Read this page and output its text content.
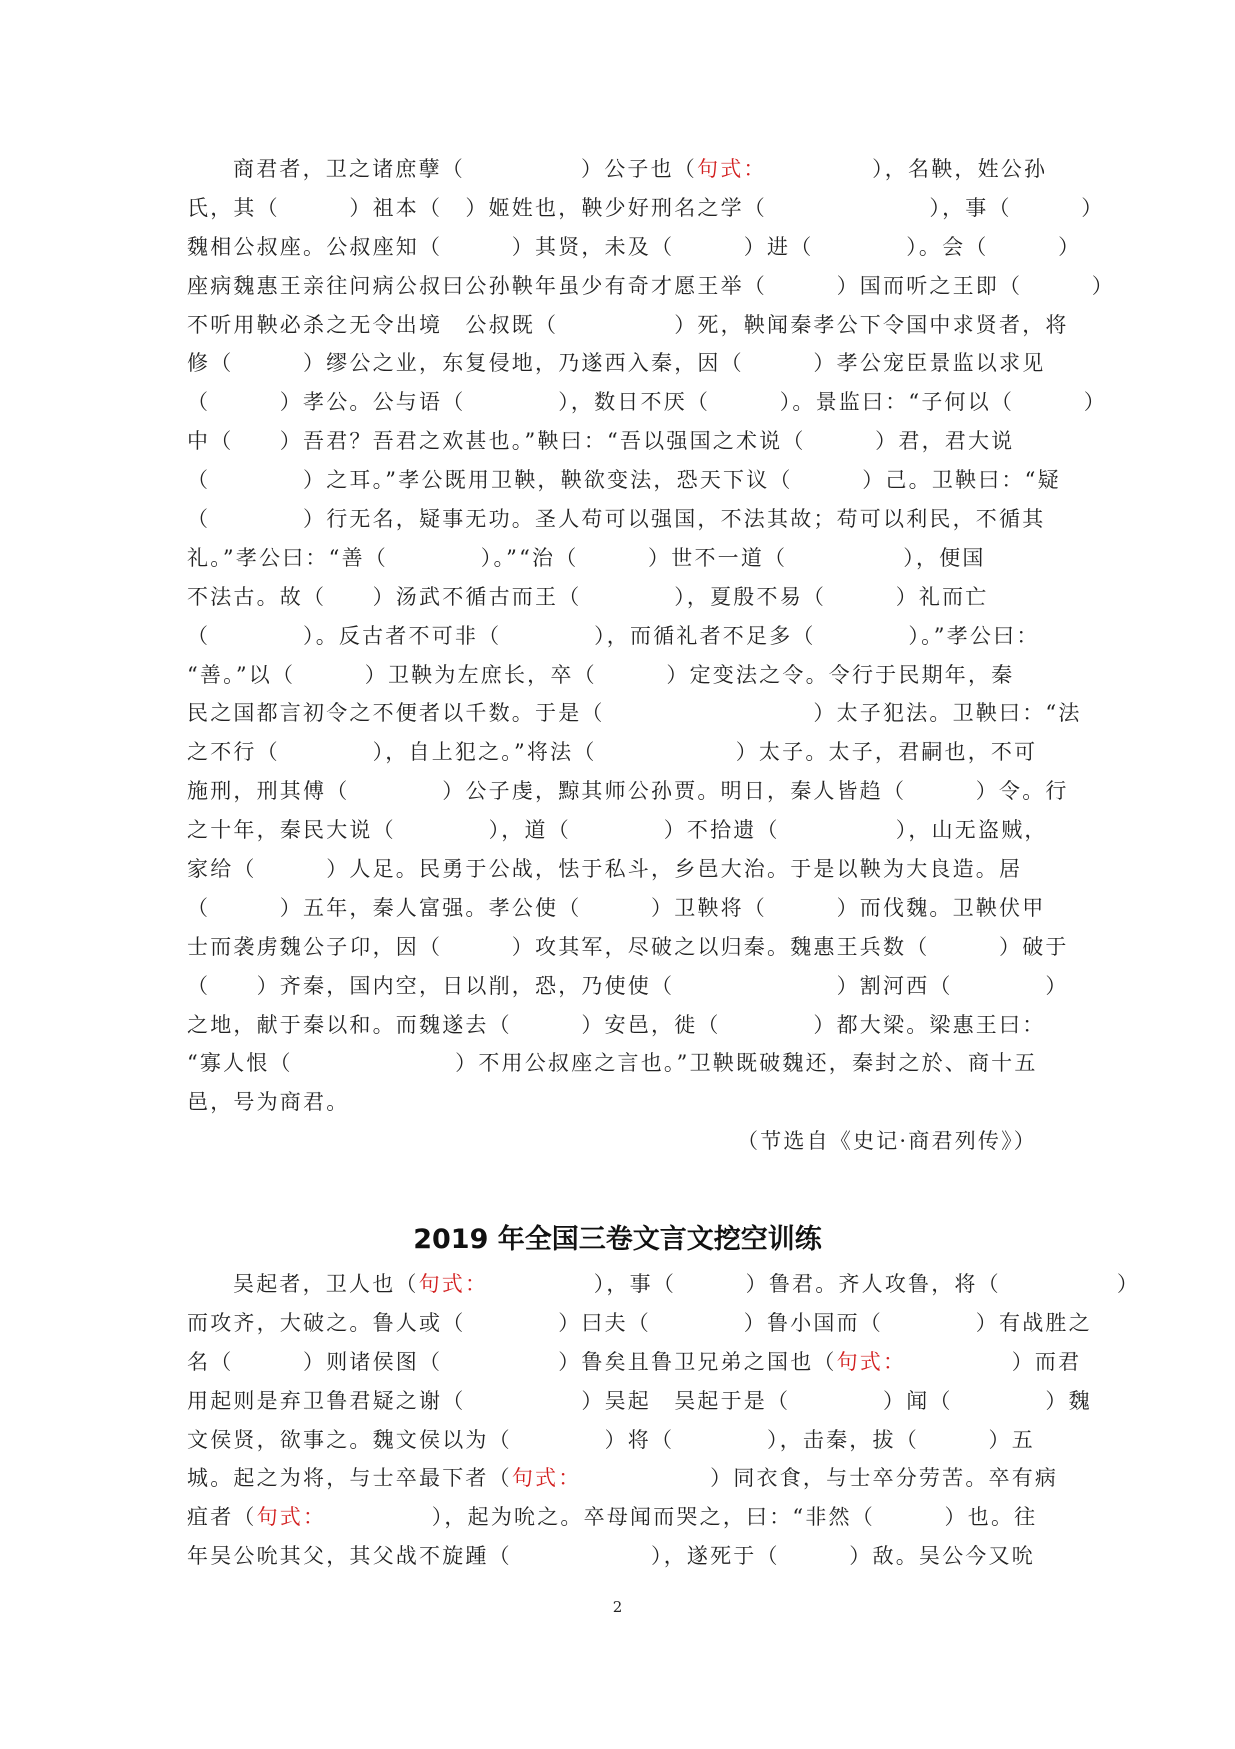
商君者，卫之诸庶孽（　　　　　）公子也（句式：　　　　　），名鞅，姓公孙
氏，其（　　　）祖本（　）姬姓也，鞅少好刑名之学（　　　　　　　），事（　　　）
魏相公叔座。公叔座知（　　　）其贤，未及（　　　）进（　　　　）。会（　　　）
座病魏惠王亲往问病公叔曰公孙鞅年虽少有奇才愿王举（　　　）国而听之王即（　　　）
不听用鞅必杀之无令出境　公叔既（　　　　　）死，鞅闻秦孝公下令国中求贤者，将
修（　　　）缪公之业，东复侵地，乃遂西入秦，因（　　　）孝公宠臣景监以求见
（　　　）孝公。公与语（　　　　），数日不厌（　　　）。景监曰：“子何以（　　　）
中（　　）吾君？吾君之欢甚也。”鞅曰：“吾以强国之术说（　　　）君，君大说
（　　　　）之耳。”孝公既用卫鞅，鞅欲变法，恐天下议（　　　）己。卫鞅曰：“疑
（　　　　）行无名，疑事无功。圣人苟可以强国，不法其故；苟可以利民，不循其
礼。”孝公曰：“善（　　　　）。”“治（　　　）世不一道（　　　　　），便国
不法古。故（　　）汤武不循古而王（　　　　），夏殷不易（　　　）礼而亡
（　　　　）。反古者不可非（　　　　），而循礼者不足多（　　　　）。”孝公曰：
“善。”以（　　　）卫鞅为左庶长，卒（　　　）定变法之令。令行于民期年，秦
民之国都言初令之不便者以千数。于是（　　　　　　　　　）太子犯法。卫鞅曰：“法
之不行（　　　　），自上犯之。”将法（　　　　　　）太子。太子，君嗣也，不可
施刑，刑其傅（　　　　）公子虔，黥其师公孙贾。明日，秦人皆趋（　　　）令。行
之十年，秦民大说（　　　　），道（　　　　）不拾遗（　　　　　），山无盗贼，
家给（　　　）人足。民勇于公战，怯于私斗，乡邑大治。于是以鞅为大良造。居
（　　　）五年，秦人富强。孝公使（　　　）卫鞅将（　　　）而伐魏。卫鞅伏甲
士而袭虏魏公子卬，因（　　　）攻其军，尽破之以归秦。魏惠王兵数（　　　）破于
（　　）齐秦，国内空，日以削，恐，乃使使（　　　　　　　）割河西（　　　　）
之地，献于秦以和。而魏遂去（　　　）安邑，徙（　　　　）都大梁。梁惠王曰：
“寡人恨（　　　　　　　）不用公叔座之言也。”卫鞅既破魏还，秦封之於、商十五
邑，号为商君。
（节选自《史记·商君列传》）
2019 年全国三卷文言文挖空训练
吴起者，卫人也（句式：　　　　　），事（　　　）鲁君。齐人攻鲁，将（　　　　　）
而攻齐，大破之。鲁人或（　　　　）曰夫（　　　　）鲁小国而（　　　　）有战胜之
名（　　　）则诸侯图（　　　　　）鲁矣且鲁卫兄弟之国也（句式：　　　　　）而君
用起则是弃卫鲁君疑之谢（　　　　　）吴起　吴起于是（　　　　）闻（　　　　）魏
文侯贤，欲事之。魏文侯以为（　　　　）将（　　　　），击秦，拔（　　　）五
城。起之为将，与士卒最下者（句式：　　　　　　）同衣食，与士卒分劳苦。卒有病
疽者（句式：　　　　　），起为吮之。卒母闻而哭之，曰：“非然（　　　）也。往
年吴公吮其父，其父战不旋踵（　　　　　　），遂死于（　　　）敌。吴公今又吮
2
